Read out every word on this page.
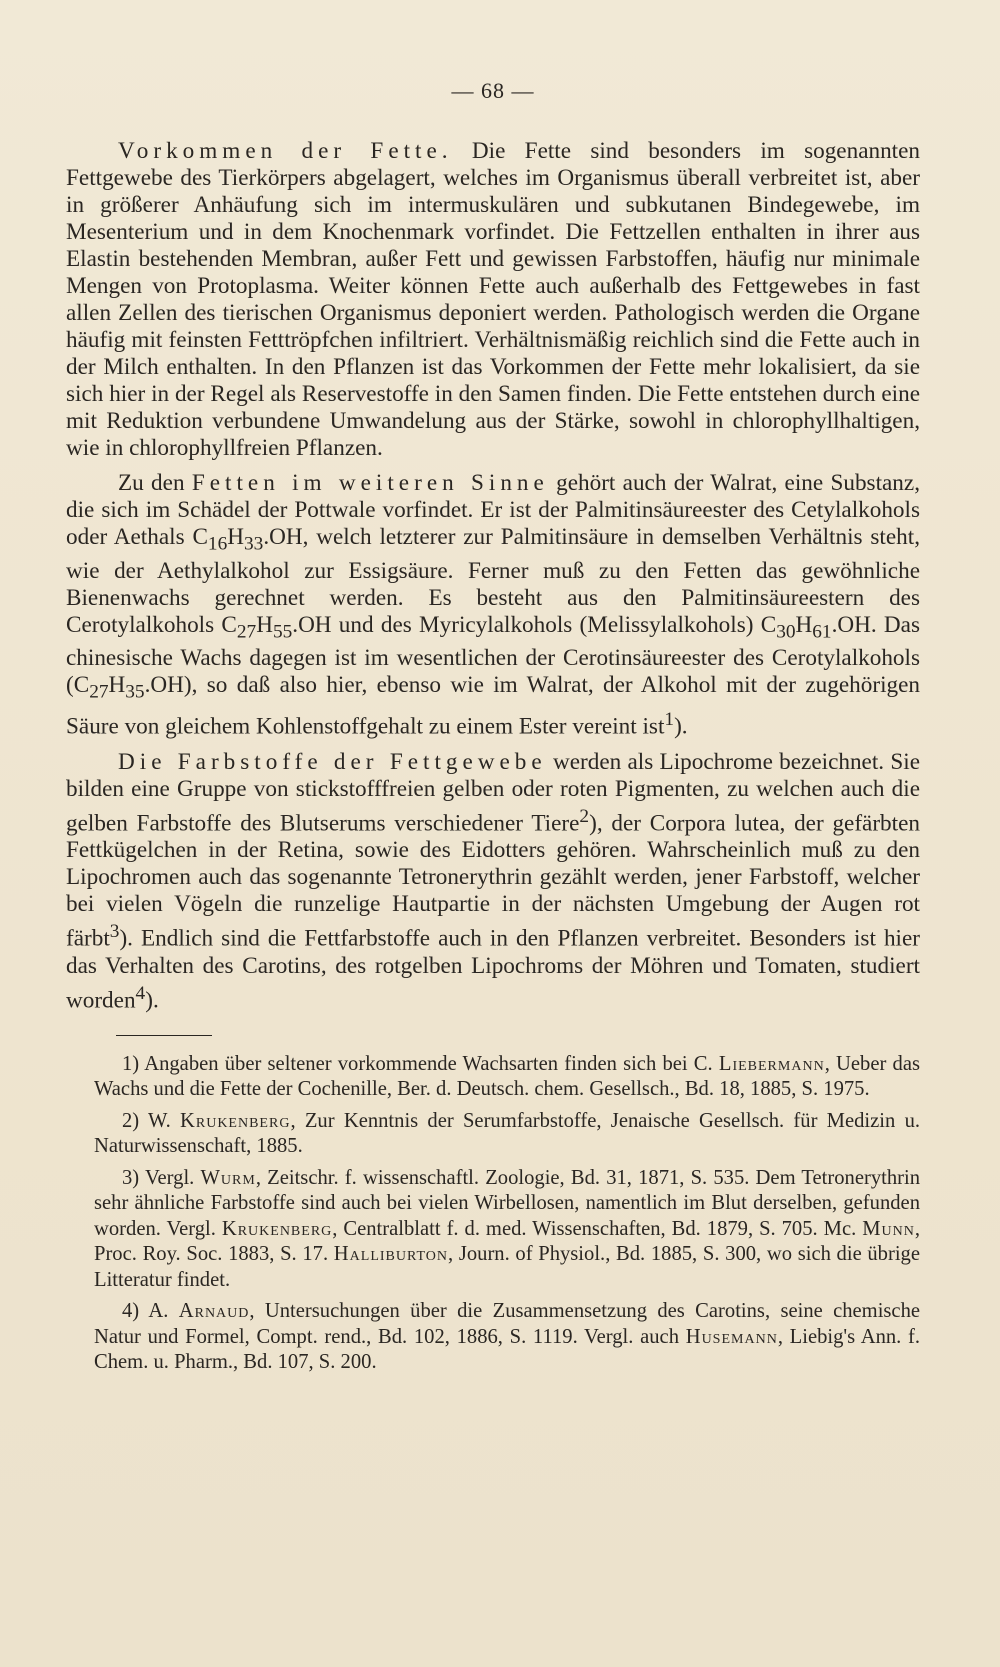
— 68 —

Vorkommen der Fette. Die Fette sind besonders im sogenannten Fettgewebe des Tierkörpers abgelagert, welches im Organismus überall verbreitet ist, aber in größerer Anhäufung sich im intermuskulären und subkutanen Bindegewebe, im Mesenterium und in dem Knochenmark vorfindet. Die Fettzellen enthalten in ihrer aus Elastin bestehenden Membran, außer Fett und gewissen Farbstoffen, häufig nur minimale Mengen von Protoplasma. Weiter können Fette auch außerhalb des Fettgewebes in fast allen Zellen des tierischen Organismus deponiert werden. Pathologisch werden die Organe häufig mit feinsten Fetttröpfchen infiltriert. Verhältnismäßig reichlich sind die Fette auch in der Milch enthalten. In den Pflanzen ist das Vorkommen der Fette mehr lokalisiert, da sie sich hier in der Regel als Reservestoffe in den Samen finden. Die Fette entstehen durch eine mit Reduktion verbundene Umwandelung aus der Stärke, sowohl in chlorophyllhaltigen, wie in chlorophyllfreien Pflanzen.

Zu den Fetten im weiteren Sinne gehört auch der Walrat, eine Substanz, die sich im Schädel der Pottwale vorfindet. Er ist der Palmitinsäureester des Cetylalkohols oder Aethals $C_{16}H_{33}.OH$, welch letzterer zur Palmitinsäure in demselben Verhältnis steht, wie der Aethylalkohol zur Essigsäure. Ferner muß zu den Fetten das gewöhnliche Bienenwachs gerechnet werden. Es besteht aus den Palmitinsäureestern des Cerotylalkohols $C_{27}H_{55}.OH$ und des Myricylalkohols (Melissylalkohols) $C_{30}H_{61}.OH$. Das chinesische Wachs dagegen ist im wesentlichen der Cerotinsäureester des Cerotylalkohols $(C_{27}H_{35}.OH)$, so daß also hier, ebenso wie im Walrat, der Alkohol mit der zugehörigen Säure von gleichem Kohlenstoffgehalt zu einem Ester vereint ist$^1$).

Die Farbstoffe der Fettgewebe werden als Lipochrome bezeichnet. Sie bilden eine Gruppe von stickstofffreien gelben oder roten Pigmenten, zu welchen auch die gelben Farbstoffe des Blutserums verschiedener Tiere$^2$), der Corpora lutea, der gefärbten Fettkügelchen in der Retina, sowie des Eidotters gehören. Wahrscheinlich muß zu den Lipochromen auch das sogenannte Tetronerythrin gezählt werden, jener Farbstoff, welcher bei vielen Vögeln die runzelige Hautpartie in der nächsten Umgebung der Augen rot färbt$^3$). Endlich sind die Fettfarbstoffe auch in den Pflanzen verbreitet. Besonders ist hier das Verhalten des Carotins, des rotgelben Lipochroms der Möhren und Tomaten, studiert worden$^4$).

1) Angaben über seltener vorkommende Wachsarten finden sich bei C. Liebermann, Ueber das Wachs und die Fette der Cochenille, Ber. d. Deutsch. chem. Gesellsch., Bd. 18, 1885, S. 1975.

2) W. Krukenberg, Zur Kenntnis der Serumfarbstoffe, Jenaische Gesellsch. für Medizin u. Naturwissenschaft, 1885.

3) Vergl. Wurm, Zeitschr. f. wissenschaftl. Zoologie, Bd. 31, 1871, S. 535. Dem Tetronerythrin sehr ähnliche Farbstoffe sind auch bei vielen Wirbellosen, namentlich im Blut derselben, gefunden worden. Vergl. Krukenberg, Centralblatt f. d. med. Wissenschaften, Bd. 1879, S. 705. Mc. Munn, Proc. Roy. Soc. 1883, S. 17. Halliburton, Journ. of Physiol., Bd. 1885, S. 300, wo sich die übrige Litteratur findet.

4) A. Arnaud, Untersuchungen über die Zusammensetzung des Carotins, seine chemische Natur und Formel, Compt. rend., Bd. 102, 1886, S. 1119. Vergl. auch Husemann, Liebig's Ann. f. Chem. u. Pharm., Bd. 107, S. 200.
